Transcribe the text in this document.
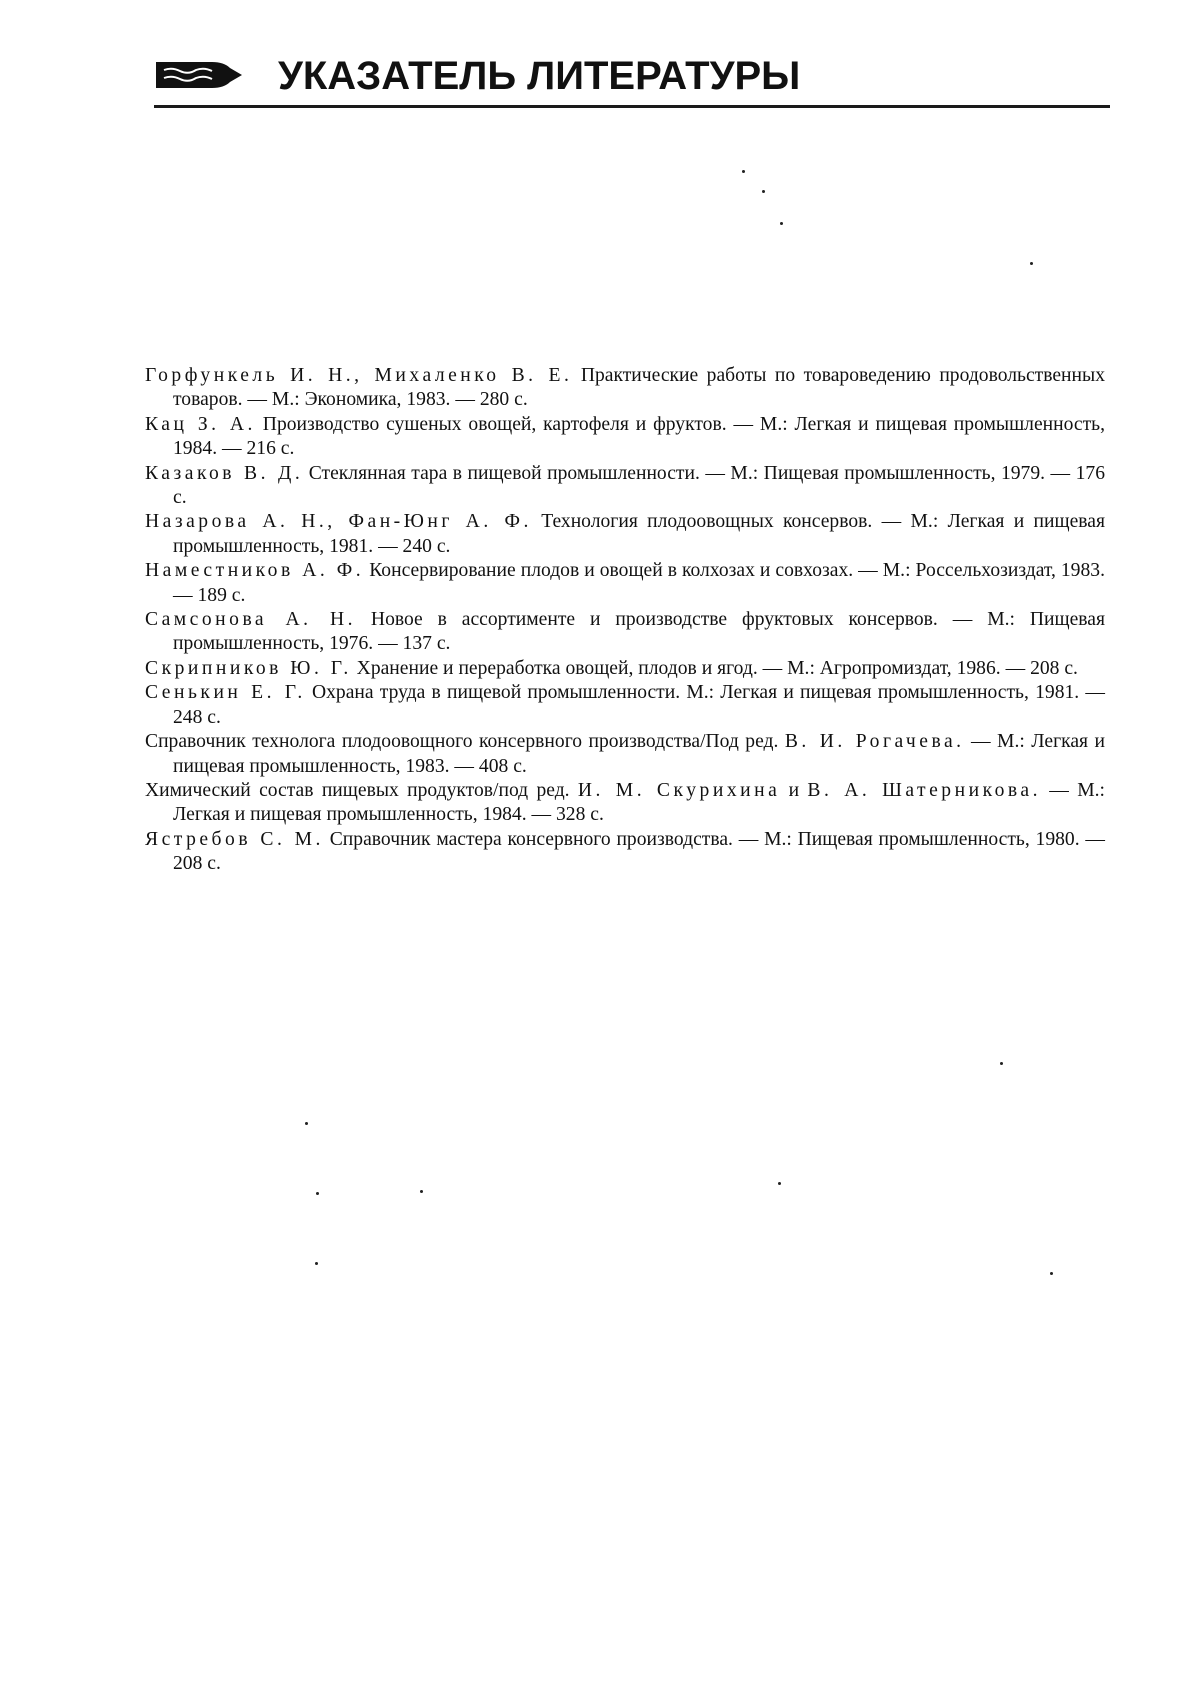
УКАЗАТЕЛЬ ЛИТЕРАТУРЫ

Горфункель И. Н., Михаленко В. Е. Практические работы по товароведению продовольственных товаров. — М.: Экономика, 1983. — 280 с.

Кац З. А. Производство сушеных овощей, картофеля и фруктов. — М.: Легкая и пищевая промышленность, 1984. — 216 с.

Казаков В. Д. Стеклянная тара в пищевой промышленности. — М.: Пищевая промышленность, 1979. — 176 с.

Назарова А. Н., Фан-Юнг А. Ф. Технология плодоовощных консервов. — М.: Легкая и пищевая промышленность, 1981. — 240 с.

Наместников А. Ф. Консервирование плодов и овощей в колхозах и совхозах. — М.: Россельхозиздат, 1983. — 189 с.

Самсонова А. Н. Новое в ассортименте и производстве фруктовых консервов. — М.: Пищевая промышленность, 1976. — 137 с.

Скрипников Ю. Г. Хранение и переработка овощей, плодов и ягод. — М.: Агропромиздат, 1986. — 208 с.

Сенькин Е. Г. Охрана труда в пищевой промышленности. М.: Легкая и пищевая промышленность, 1981. — 248 с.

Справочник технолога плодоовощного консервного производства/Под ред. В. И. Рогачева. — М.: Легкая и пищевая промышленность, 1983. — 408 с.

Химический состав пищевых продуктов/под ред. И. М. Скурихина и В. А. Шатерникова. — М.: Легкая и пищевая промышленность, 1984. — 328 с.

Ястребов С. М. Справочник мастера консервного производства. — М.: Пищевая промышленность, 1980. — 208 с.
